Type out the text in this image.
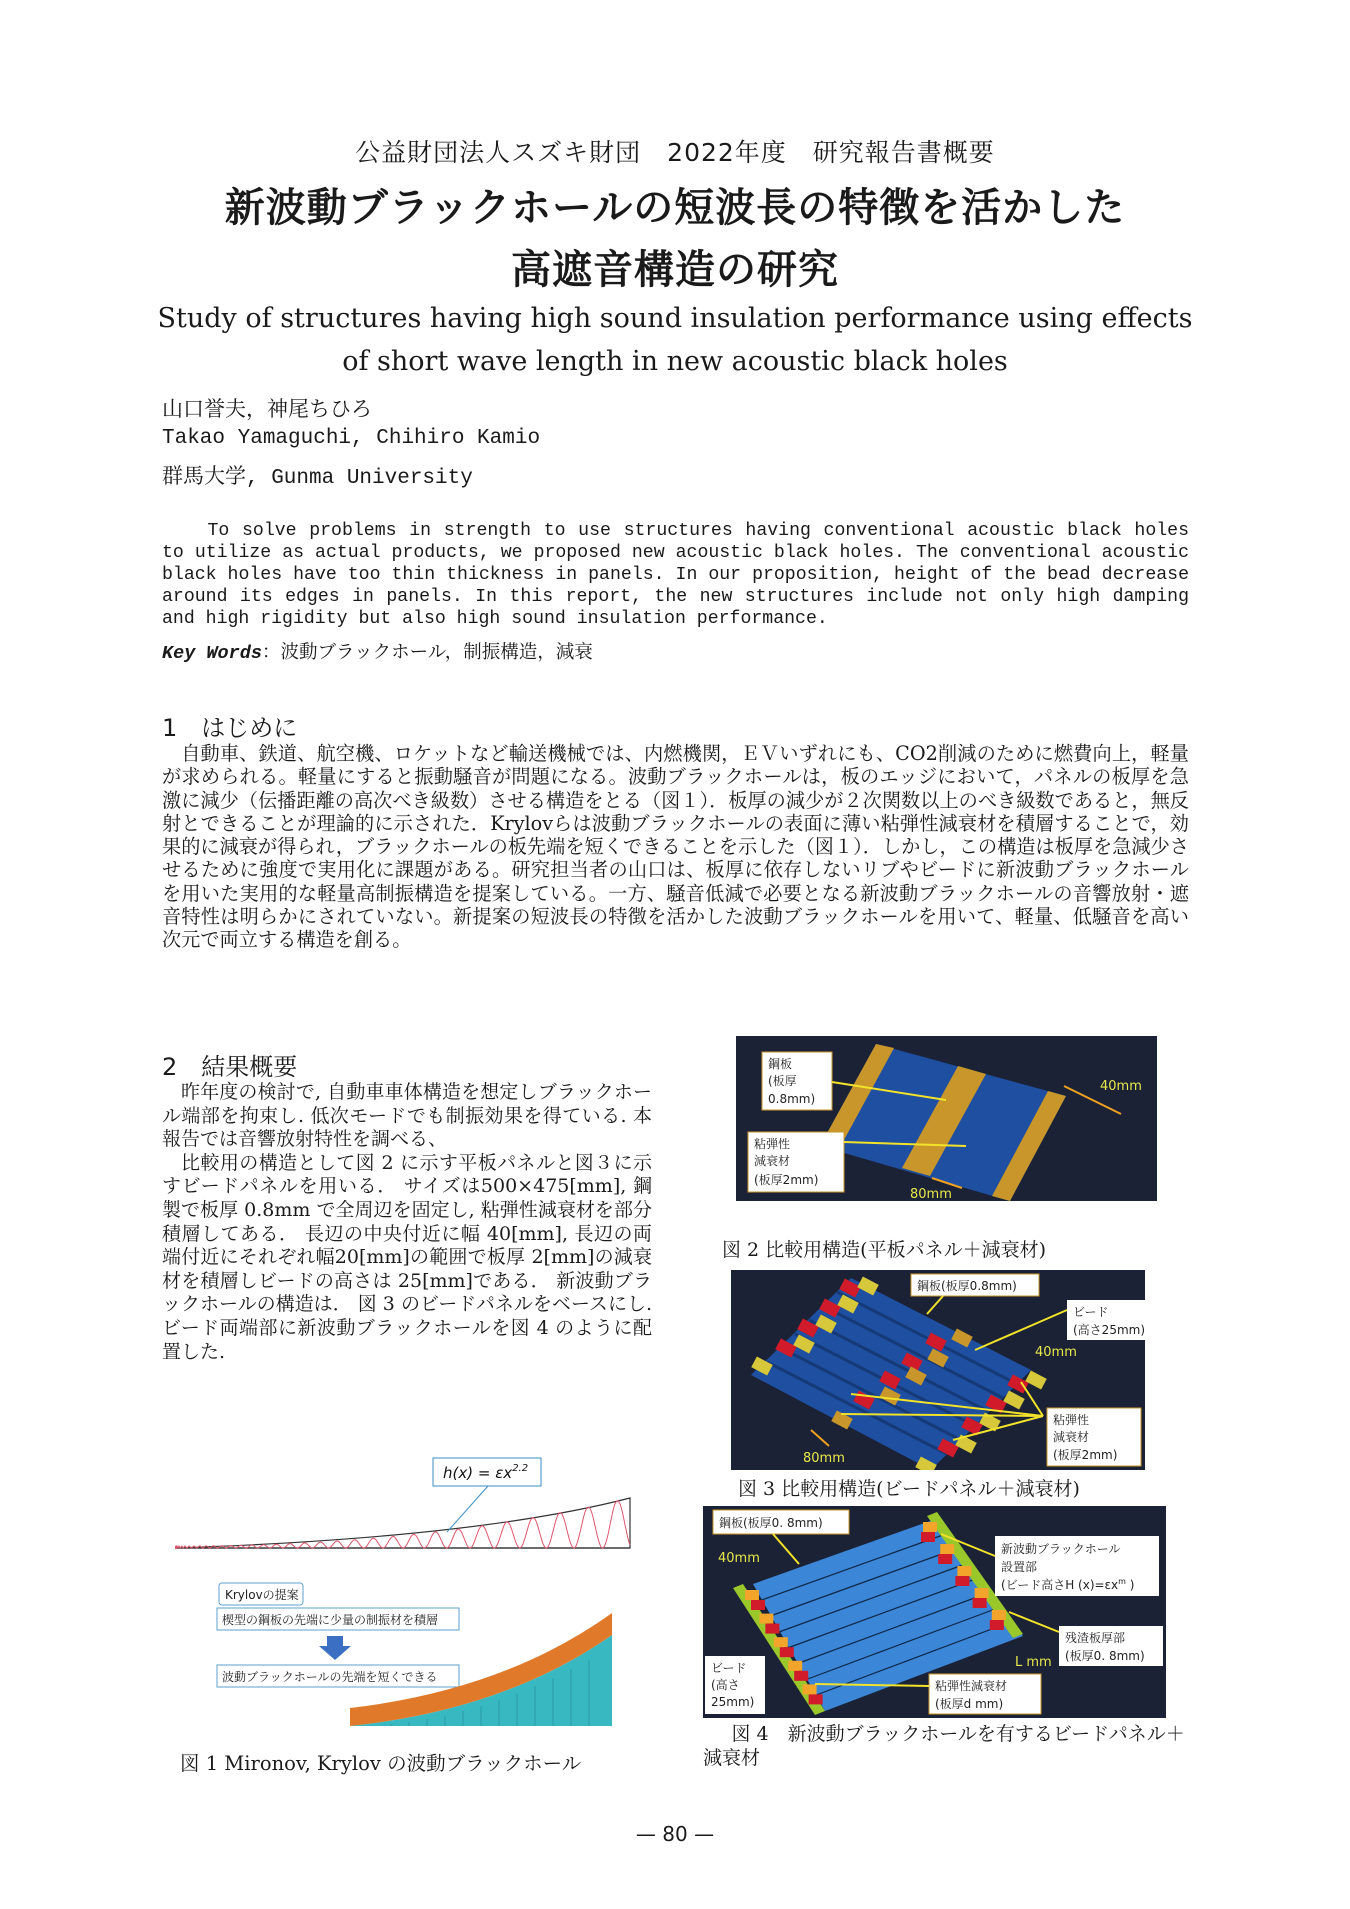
公益財団法人スズキ財団　2022年度　研究報告書概要
新波動ブラックホールの短波長の特徴を活かした
高遮音構造の研究
Study of structures having high sound insulation performance using effects
of short wave length in new acoustic black holes
山口誉夫，神尾ちひろ
Takao Yamaguchi, Chihiro Kamio
群馬大学, Gunma University
To solve problems in strength to use structures having conventional acoustic black holes to utilize as actual products, we proposed new acoustic black holes. The conventional acoustic black holes have too thin thickness in panels. In our proposition, height of the bead decrease around its edges in panels. In this report, the new structures include not only high damping and high rigidity but also high sound insulation performance.
Key Words：波動ブラックホール，制振構造，減衰
1　はじめに
自動車、鉄道、航空機、ロケットなど輸送機械では、内燃機関，ＥＶいずれにも、CO2削減のために燃費向上，軽量が求められる。軽量にすると振動騒音が問題になる。波動ブラックホールは，板のエッジにおいて，パネルの板厚を急激に減少（伝播距離の高次べき級数）させる構造をとる（図１）．板厚の減少が２次関数以上のべき級数であると，無反射とできることが理論的に示された．Krylovらは波動ブラックホールの表面に薄い粘弾性減衰材を積層することで，効果的に減衰が得られ，ブラックホールの板先端を短くできることを示した（図１）．しかし，この構造は板厚を急減少させるために強度で実用化に課題がある。研究担当者の山口は、板厚に依存しないリブやビードに新波動ブラックホールを用いた実用的な軽量高制振構造を提案している。一方、騒音低減で必要となる新波動ブラックホールの音響放射・遮音特性は明らかにされていない。新提案の短波長の特徴を活かした波動ブラックホールを用いて、軽量、低騒音を高い次元で両立する構造を創る。
2　結果概要

昨年度の検討で, 自動車車体構造を想定しブラックホール端部を拘束し. 低次モードでも制振効果を得ている. 本報告では音響放射特性を調べる、

比較用の構造として図 2 に示す平板パネルと図３に示すビードパネルを用いる． サイズは500×475[mm], 鋼製で板厚 0.8mm で全周辺を固定し, 粘弾性減衰材を部分積層してある． 長辺の中央付近に幅 40[mm], 長辺の両端付近にそれぞれ幅20[mm]の範囲で板厚 2[mm]の減衰材を積層しビードの高さは 25[mm]である． 新波動ブラックホールの構造は． 図 3 のビードパネルをベースにし. ビード両端部に新波動ブラックホールを図 4 のように配置した.

$h(x) = \varepsilon x^{2.2}$
Krylovの提案
楔型の鋼板の先端に少量の制振材を積層
波動ブラックホールの先端を短くできる
図 1 Mironov, Krylov の波動ブラックホール
鋼板
(板厚
0.8mm)
粘弾性
減衰材
(板厚2mm)
40mm
80mm
図 2 比較用構造(平板パネル＋減衰材)
鋼板(板厚0.8mm)
ビード
(高さ25mm)
40mm
粘弾性
減衰材
(板厚2mm)
80mm
図 3 比較用構造(ビードパネル＋減衰材)
鋼板(板厚0. 8mm)
40mm
新波動ブラックホール
設置部
(ビード高さH $(x)=\varepsilon x^m$ )
残渣板厚部
(板厚0. 8mm)
L mm
ビード
(高さ
25mm)
粘弾性減衰材
(板厚d mm)
図 4　新波動ブラックホールを有するビードパネル＋減衰材
— 80 —
